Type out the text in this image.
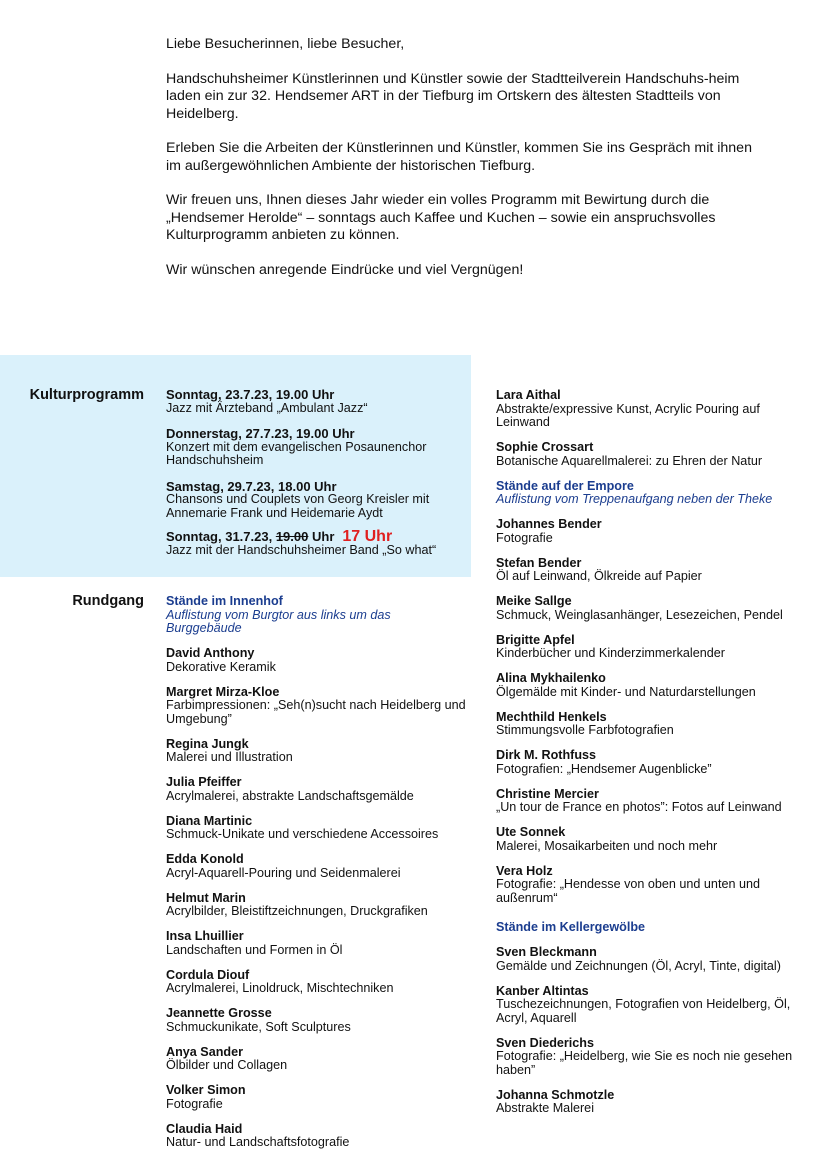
Liebe Besucherinnen, liebe Besucher,

Handschuhsheimer Künstlerinnen und Künstler sowie der Stadtteilverein Handschuhs-heim laden ein zur 32. Hendsemer ART in der Tiefburg im Ortskern des ältesten Stadtteils von Heidelberg.

Erleben Sie die Arbeiten der Künstlerinnen und Künstler, kommen Sie ins Gespräch mit ihnen im außergewöhnlichen Ambiente der historischen Tiefburg.

Wir freuen uns, Ihnen dieses Jahr wieder ein volles Programm mit Bewirtung durch die „Hendsemer Herolde“ – sonntags auch Kaffee und Kuchen – sowie ein anspruchsvolles Kulturprogramm anbieten zu können.

Wir wünschen anregende Eindrücke und viel Vergnügen!

Kulturprogramm Sonntag, 23.7.23, 19.00 Uhr
Jazz mit Ärzteband „Ambulant Jazz“
Donnerstag, 27.7.23, 19.00 Uhr
Konzert mit dem evangelischen Posaunenchor Handschuhsheim
Samstag, 29.7.23, 18.00 Uhr
Chansons und Couplets von Georg Kreisler mit Annemarie Frank und Heidemarie Aydt
Sonntag, 31.7.23, 19.00 Uhr 17 Uhr
Jazz mit der Handschuhsheimer Band „So what“
Rundgang Stände im Innenhof
Auflistung vom Burgtor aus links um das Burggebäude
David Anthony
Dekorative Keramik
Margret Mirza-Kloe
Farbimpressionen: „Seh(n)sucht nach Heidelberg und Umgebung”
Regina Jungk
Malerei und Illustration
Julia Pfeiffer
Acrylmalerei, abstrakte Landschaftsgemälde
Diana Martinic
Schmuck-Unikate und verschiedene Accessoires
Edda Konold
Acryl-Aquarell-Pouring und Seidenmalerei
Helmut Marin
Acrylbilder, Bleistiftzeichnungen, Druckgrafiken
Insa Lhuillier
Landschaften und Formen in Öl
Cordula Diouf
Acrylmalerei, Linoldruck, Mischtechniken
Jeannette Grosse
Schmuckunikate, Soft Sculptures
Anya Sander
Ölbilder und Collagen
Volker Simon
Fotografie
Claudia Haid
Natur- und Landschaftsfotografie
Lara Aithal
Abstrakte/expressive Kunst, Acrylic Pouring auf Leinwand
Sophie Crossart
Botanische Aquarellmalerei: zu Ehren der Natur
Stände auf der Empore
Auflistung vom Treppenaufgang neben der Theke
Johannes Bender
Fotografie
Stefan Bender
Öl auf Leinwand, Ölkreide auf Papier
Meike Sallge
Schmuck, Weinglasanhänger, Lesezeichen, Pendel
Brigitte Apfel
Kinderbücher und Kinderzimmerkalender
Alina Mykhailenko
Ölgemälde mit Kinder- und Naturdarstellungen
Mechthild Henkels
Stimmungsvolle Farbfotografien
Dirk M. Rothfuss
Fotografien: „Hendsemer Augenblicke”
Christine Mercier
„Un tour de France en photos”: Fotos auf Leinwand
Ute Sonnek
Malerei, Mosaikarbeiten und noch mehr
Vera Holz
Fotografie: „Hendesse von oben und unten und außenrum“
Stände im Kellergewölbe
Sven Bleckmann
Gemälde und Zeichnungen (Öl, Acryl, Tinte, digital)
Kanber Altintas
Tuschezeichnungen, Fotografien von Heidelberg, Öl, Acryl, Aquarell
Sven Diederichs
Fotografie: „Heidelberg, wie Sie es noch nie gesehen haben”
Johanna Schmotzle
Abstrakte Malerei
